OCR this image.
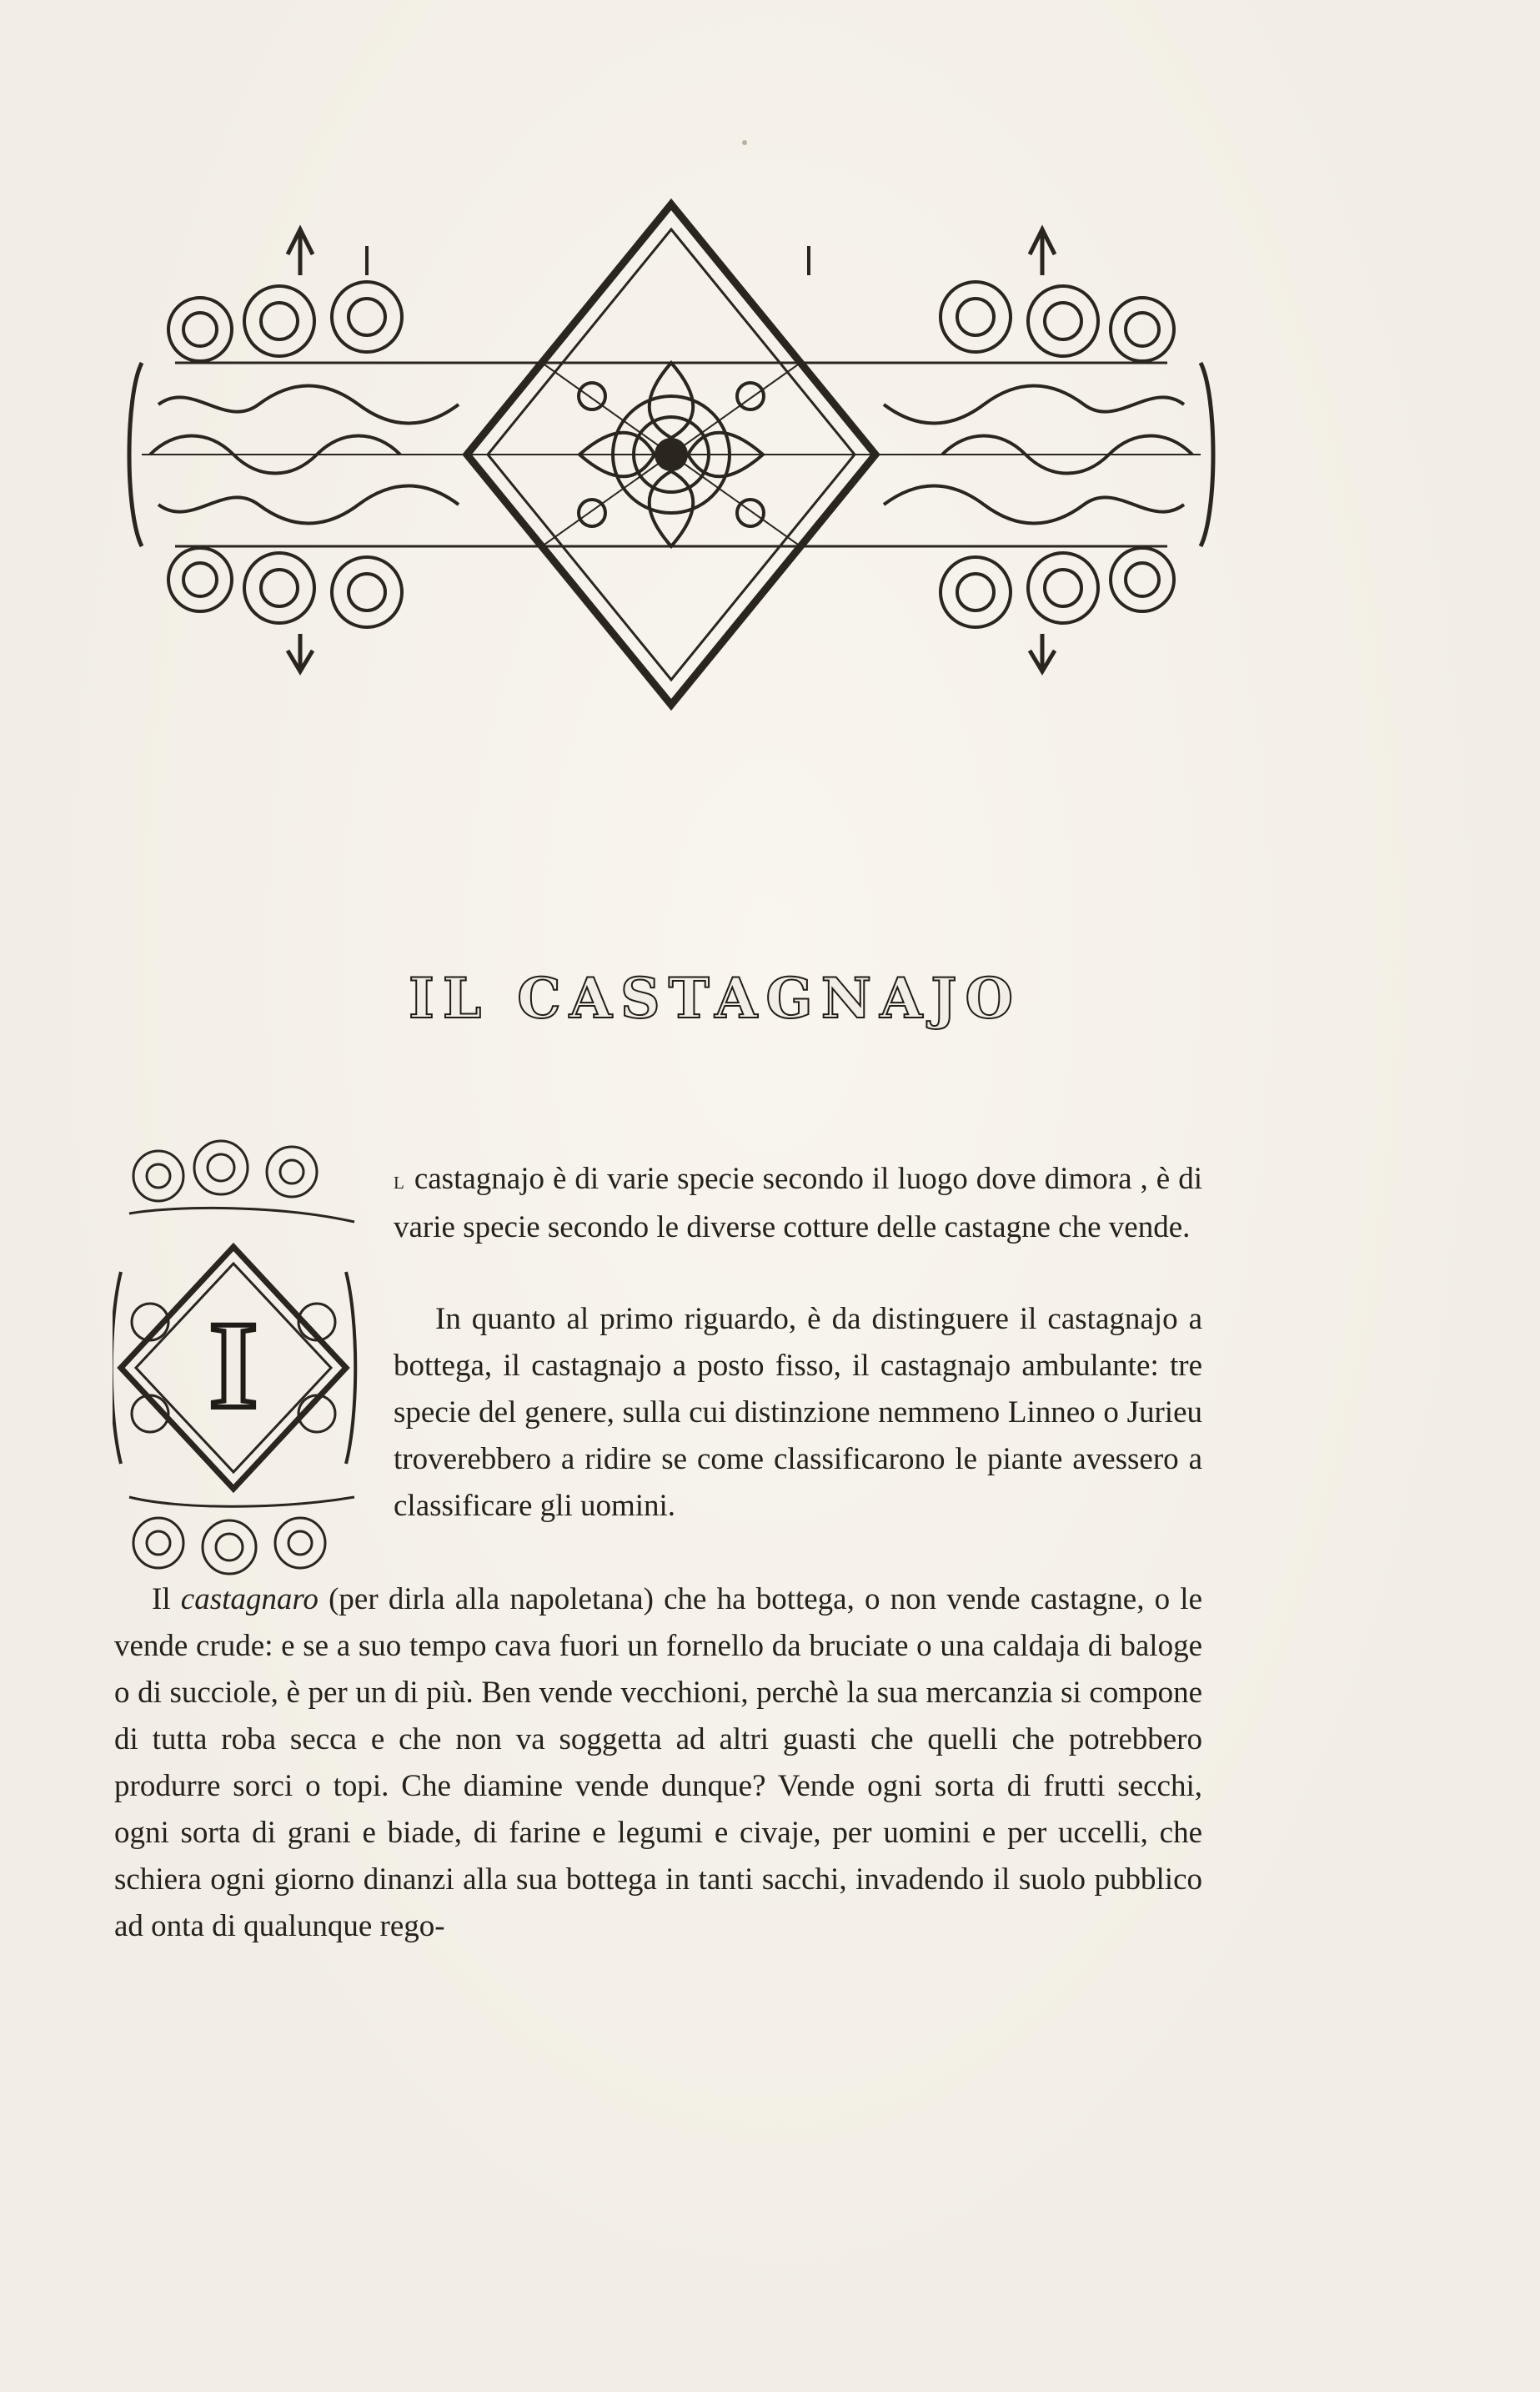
IL CASTAGNAJO
I
l castagnajo è di varie specie secondo il luogo dove dimora , è di varie specie secondo le diverse cotture delle castagne che vende.
In quanto al primo riguardo, è da distinguere il castagnajo a bottega, il castagnajo a posto fisso, il castagnajo ambulante: tre specie del genere, sulla cui distinzione nemmeno Linneo o Jurieu troverebbero a ridire se come classificarono le piante avessero a classificare gli uomini.
Il castagnaro (per dirla alla napoletana) che ha bottega, o non vende castagne, o le vende crude: e se a suo tempo cava fuori un fornello da bruciate o una caldaja di baloge o di succiole, è per un di più. Ben vende vecchioni, perchè la sua mercanzia si compone di tutta roba secca e che non va soggetta ad altri guasti che quelli che potrebbero produrre sorci o topi. Che diamine vende dunque? Vende ogni sorta di frutti secchi, ogni sorta di grani e biade, di farine e legumi e civaje, per uomini e per uccelli, che schiera ogni giorno dinanzi alla sua bottega in tanti sacchi, invadendo il suolo pubblico ad onta di qualunque rego-
